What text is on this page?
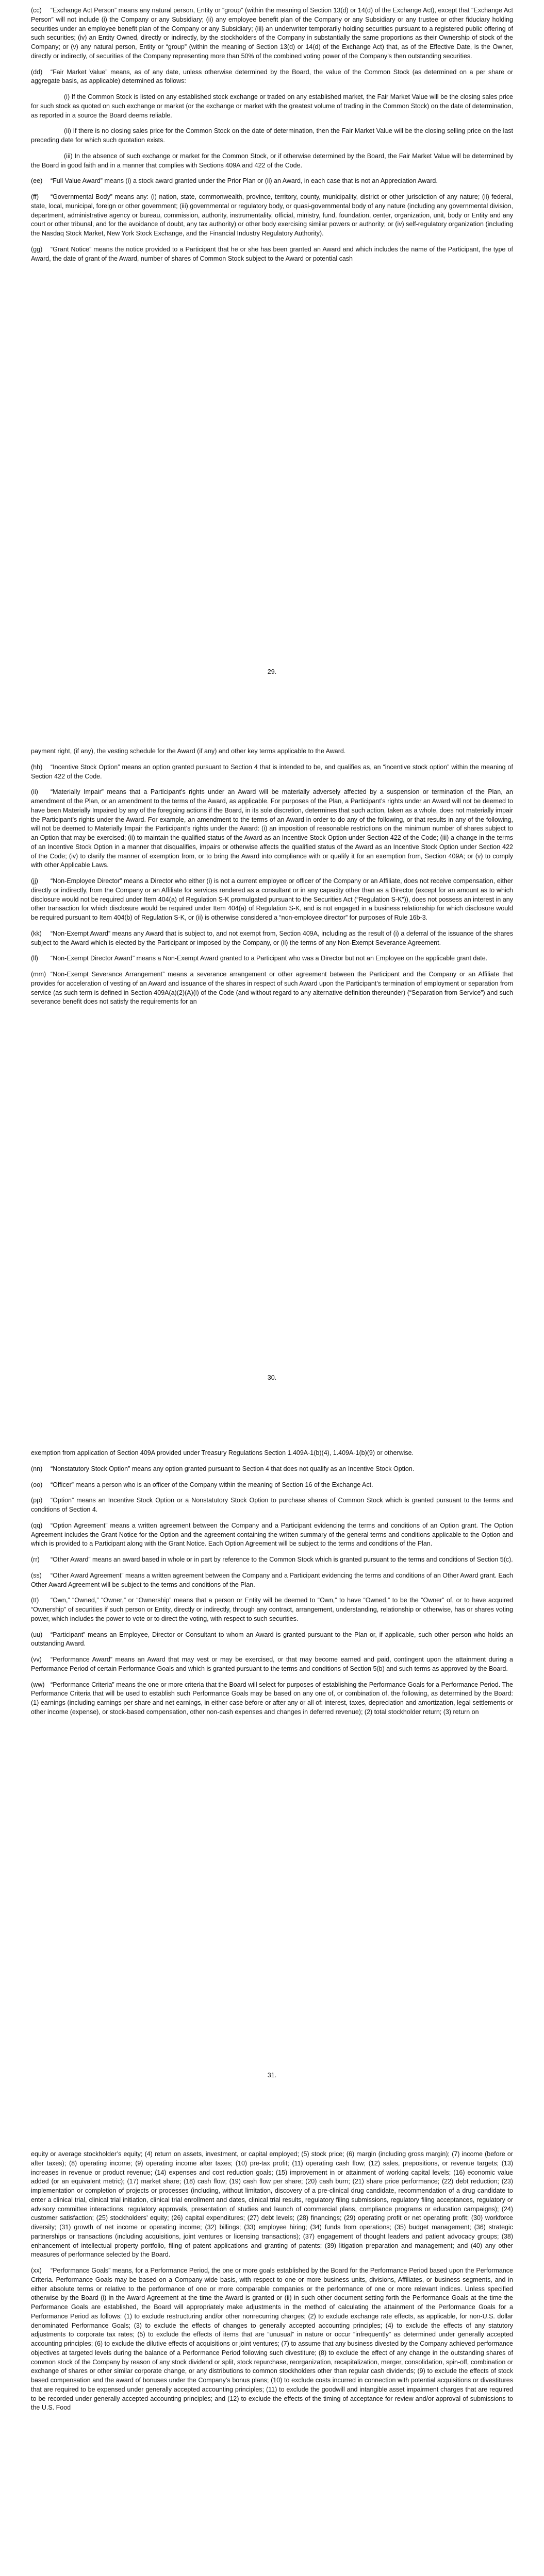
(cc) “Exchange Act Person” means any natural person, Entity or “group” (within the meaning of Section 13(d) or 14(d) of the Exchange Act), except that “Exchange Act Person” will not include (i) the Company or any Subsidiary; (ii) any employee benefit plan of the Company or any Subsidiary or any trustee or other fiduciary holding securities under an employee benefit plan of the Company or any Subsidiary; (iii) an underwriter temporarily holding securities pursuant to a registered public offering of such securities; (iv) an Entity Owned, directly or indirectly, by the stockholders of the Company in substantially the same proportions as their Ownership of stock of the Company; or (v) any natural person, Entity or “group” (within the meaning of Section 13(d) or 14(d) of the Exchange Act) that, as of the Effective Date, is the Owner, directly or indirectly, of securities of the Company representing more than 50% of the combined voting power of the Company’s then outstanding securities.

(dd) “Fair Market Value” means, as of any date, unless otherwise determined by the Board, the value of the Common Stock (as determined on a per share or aggregate basis, as applicable) determined as follows:

(i) If the Common Stock is listed on any established stock exchange or traded on any established market, the Fair Market Value will be the closing sales price for such stock as quoted on such exchange or market (or the exchange or market with the greatest volume of trading in the Common Stock) on the date of determination, as reported in a source the Board deems reliable.

(ii) If there is no closing sales price for the Common Stock on the date of determination, then the Fair Market Value will be the closing selling price on the last preceding date for which such quotation exists.

(iii) In the absence of such exchange or market for the Common Stock, or if otherwise determined by the Board, the Fair Market Value will be determined by the Board in good faith and in a manner that complies with Sections 409A and 422 of the Code.

(ee) “Full Value Award” means (i) a stock award granted under the Prior Plan or (ii) an Award, in each case that is not an Appreciation Award.

(ff) “Governmental Body” means any: (i) nation, state, commonwealth, province, territory, county, municipality, district or other jurisdiction of any nature; (ii) federal, state, local, municipal, foreign or other government; (iii) governmental or regulatory body, or quasi-governmental body of any nature (including any governmental division, department, administrative agency or bureau, commission, authority, instrumentality, official, ministry, fund, foundation, center, organization, unit, body or Entity and any court or other tribunal, and for the avoidance of doubt, any tax authority) or other body exercising similar powers or authority; or (iv) self-regulatory organization (including the Nasdaq Stock Market, New York Stock Exchange, and the Financial Industry Regulatory Authority).

(gg) “Grant Notice” means the notice provided to a Participant that he or she has been granted an Award and which includes the name of the Participant, the type of Award, the date of grant of the Award, number of shares of Common Stock subject to the Award or potential cash

29.

payment right, (if any), the vesting schedule for the Award (if any) and other key terms applicable to the Award.

(hh) “Incentive Stock Option” means an option granted pursuant to Section 4 that is intended to be, and qualifies as, an “incentive stock option” within the meaning of Section 422 of the Code.

(ii) “Materially Impair” means that a Participant’s rights under an Award will be materially adversely affected by a suspension or termination of the Plan, an amendment of the Plan, or an amendment to the terms of the Award, as applicable. For purposes of the Plan, a Participant’s rights under an Award will not be deemed to have been Materially Impaired by any of the foregoing actions if the Board, in its sole discretion, determines that such action, taken as a whole, does not materially impair the Participant’s rights under the Award. For example, an amendment to the terms of an Award in order to do any of the following, or that results in any of the following, will not be deemed to Materially Impair the Participant’s rights under the Award: (i) an imposition of reasonable restrictions on the minimum number of shares subject to an Option that may be exercised; (ii) to maintain the qualified status of the Award as an Incentive Stock Option under Section 422 of the Code; (iii) a change in the terms of an Incentive Stock Option in a manner that disqualifies, impairs or otherwise affects the qualified status of the Award as an Incentive Stock Option under Section 422 of the Code; (iv) to clarify the manner of exemption from, or to bring the Award into compliance with or qualify it for an exemption from, Section 409A; or (v) to comply with other Applicable Laws.

(jj) “Non-Employee Director” means a Director who either (i) is not a current employee or officer of the Company or an Affiliate, does not receive compensation, either directly or indirectly, from the Company or an Affiliate for services rendered as a consultant or in any capacity other than as a Director (except for an amount as to which disclosure would not be required under Item 404(a) of Regulation S-K promulgated pursuant to the Securities Act (“Regulation S-K”)), does not possess an interest in any other transaction for which disclosure would be required under Item 404(a) of Regulation S-K, and is not engaged in a business relationship for which disclosure would be required pursuant to Item 404(b) of Regulation S-K, or (ii) is otherwise considered a “non-employee director” for purposes of Rule 16b-3.

(kk) “Non-Exempt Award” means any Award that is subject to, and not exempt from, Section 409A, including as the result of (i) a deferral of the issuance of the shares subject to the Award which is elected by the Participant or imposed by the Company, or (ii) the terms of any Non-Exempt Severance Agreement.

(ll) “Non-Exempt Director Award” means a Non-Exempt Award granted to a Participant who was a Director but not an Employee on the applicable grant date.

(mm) “Non-Exempt Severance Arrangement” means a severance arrangement or other agreement between the Participant and the Company or an Affiliate that provides for acceleration of vesting of an Award and issuance of the shares in respect of such Award upon the Participant’s termination of employment or separation from service (as such term is defined in Section 409A(a)(2)(A)(i) of the Code (and without regard to any alternative definition thereunder) (“Separation from Service”) and such severance benefit does not satisfy the requirements for an

30.

exemption from application of Section 409A provided under Treasury Regulations Section 1.409A-1(b)(4), 1.409A-1(b)(9) or otherwise.

(nn) “Nonstatutory Stock Option” means any option granted pursuant to Section 4 that does not qualify as an Incentive Stock Option.

(oo) “Officer” means a person who is an officer of the Company within the meaning of Section 16 of the Exchange Act.

(pp) “Option” means an Incentive Stock Option or a Nonstatutory Stock Option to purchase shares of Common Stock which is granted pursuant to the terms and conditions of Section 4.

(qq) “Option Agreement” means a written agreement between the Company and a Participant evidencing the terms and conditions of an Option grant. The Option Agreement includes the Grant Notice for the Option and the agreement containing the written summary of the general terms and conditions applicable to the Option and which is provided to a Participant along with the Grant Notice. Each Option Agreement will be subject to the terms and conditions of the Plan.

(rr) “Other Award” means an award based in whole or in part by reference to the Common Stock which is granted pursuant to the terms and conditions of Section 5(c).

(ss) “Other Award Agreement” means a written agreement between the Company and a Participant evidencing the terms and conditions of an Other Award grant. Each Other Award Agreement will be subject to the terms and conditions of the Plan.

(tt) “Own,” “Owned,” “Owner,” or “Ownership” means that a person or Entity will be deemed to “Own,” to have “Owned,” to be the “Owner” of, or to have acquired “Ownership” of securities if such person or Entity, directly or indirectly, through any contract, arrangement, understanding, relationship or otherwise, has or shares voting power, which includes the power to vote or to direct the voting, with respect to such securities.

(uu) “Participant” means an Employee, Director or Consultant to whom an Award is granted pursuant to the Plan or, if applicable, such other person who holds an outstanding Award.

(vv) “Performance Award” means an Award that may vest or may be exercised, or that may become earned and paid, contingent upon the attainment during a Performance Period of certain Performance Goals and which is granted pursuant to the terms and conditions of Section 5(b) and such terms as approved by the Board.

(ww) “Performance Criteria” means the one or more criteria that the Board will select for purposes of establishing the Performance Goals for a Performance Period. The Performance Criteria that will be used to establish such Performance Goals may be based on any one of, or combination of, the following, as determined by the Board: (1) earnings (including earnings per share and net earnings, in either case before or after any or all of: interest, taxes, depreciation and amortization, legal settlements or other income (expense), or stock-based compensation, other non-cash expenses and changes in deferred revenue); (2) total stockholder return; (3) return on

31.

equity or average stockholder’s equity; (4) return on assets, investment, or capital employed; (5) stock price; (6) margin (including gross margin); (7) income (before or after taxes); (8) operating income; (9) operating income after taxes; (10) pre-tax profit; (11) operating cash flow; (12) sales, prepositions, or revenue targets; (13) increases in revenue or product revenue; (14) expenses and cost reduction goals; (15) improvement in or attainment of working capital levels; (16) economic value added (or an equivalent metric); (17) market share; (18) cash flow; (19) cash flow per share; (20) cash burn; (21) share price performance; (22) debt reduction; (23) implementation or completion of projects or processes (including, without limitation, discovery of a pre-clinical drug candidate, recommendation of a drug candidate to enter a clinical trial, clinical trial initiation, clinical trial enrollment and dates, clinical trial results, regulatory filing submissions, regulatory filing acceptances, regulatory or advisory committee interactions, regulatory approvals, presentation of studies and launch of commercial plans, compliance programs or education campaigns); (24) customer satisfaction; (25) stockholders’ equity; (26) capital expenditures; (27) debt levels; (28) financings; (29) operating profit or net operating profit; (30) workforce diversity; (31) growth of net income or operating income; (32) billings; (33) employee hiring; (34) funds from operations; (35) budget management; (36) strategic partnerships or transactions (including acquisitions, joint ventures or licensing transactions); (37) engagement of thought leaders and patient advocacy groups; (38) enhancement of intellectual property portfolio, filing of patent applications and granting of patents; (39) litigation preparation and management; and (40) any other measures of performance selected by the Board.

(xx) “Performance Goals” means, for a Performance Period, the one or more goals established by the Board for the Performance Period based upon the Performance Criteria. Performance Goals may be based on a Company-wide basis, with respect to one or more business units, divisions, Affiliates, or business segments, and in either absolute terms or relative to the performance of one or more comparable companies or the performance of one or more relevant indices. Unless specified otherwise by the Board (i) in the Award Agreement at the time the Award is granted or (ii) in such other document setting forth the Performance Goals at the time the Performance Goals are established, the Board will appropriately make adjustments in the method of calculating the attainment of the Performance Goals for a Performance Period as follows: (1) to exclude restructuring and/or other nonrecurring charges; (2) to exclude exchange rate effects, as applicable, for non-U.S. dollar denominated Performance Goals; (3) to exclude the effects of changes to generally accepted accounting principles; (4) to exclude the effects of any statutory adjustments to corporate tax rates; (5) to exclude the effects of items that are “unusual” in nature or occur “infrequently” as determined under generally accepted accounting principles; (6) to exclude the dilutive effects of acquisitions or joint ventures; (7) to assume that any business divested by the Company achieved performance objectives at targeted levels during the balance of a Performance Period following such divestiture; (8) to exclude the effect of any change in the outstanding shares of common stock of the Company by reason of any stock dividend or split, stock repurchase, reorganization, recapitalization, merger, consolidation, spin-off, combination or exchange of shares or other similar corporate change, or any distributions to common stockholders other than regular cash dividends; (9) to exclude the effects of stock based compensation and the award of bonuses under the Company’s bonus plans; (10) to exclude costs incurred in connection with potential acquisitions or divestitures that are required to be expensed under generally accepted accounting principles; (11) to exclude the goodwill and intangible asset impairment charges that are required to be recorded under generally accepted accounting principles; and (12) to exclude the effects of the timing of acceptance for review and/or approval of submissions to the U.S. Food
